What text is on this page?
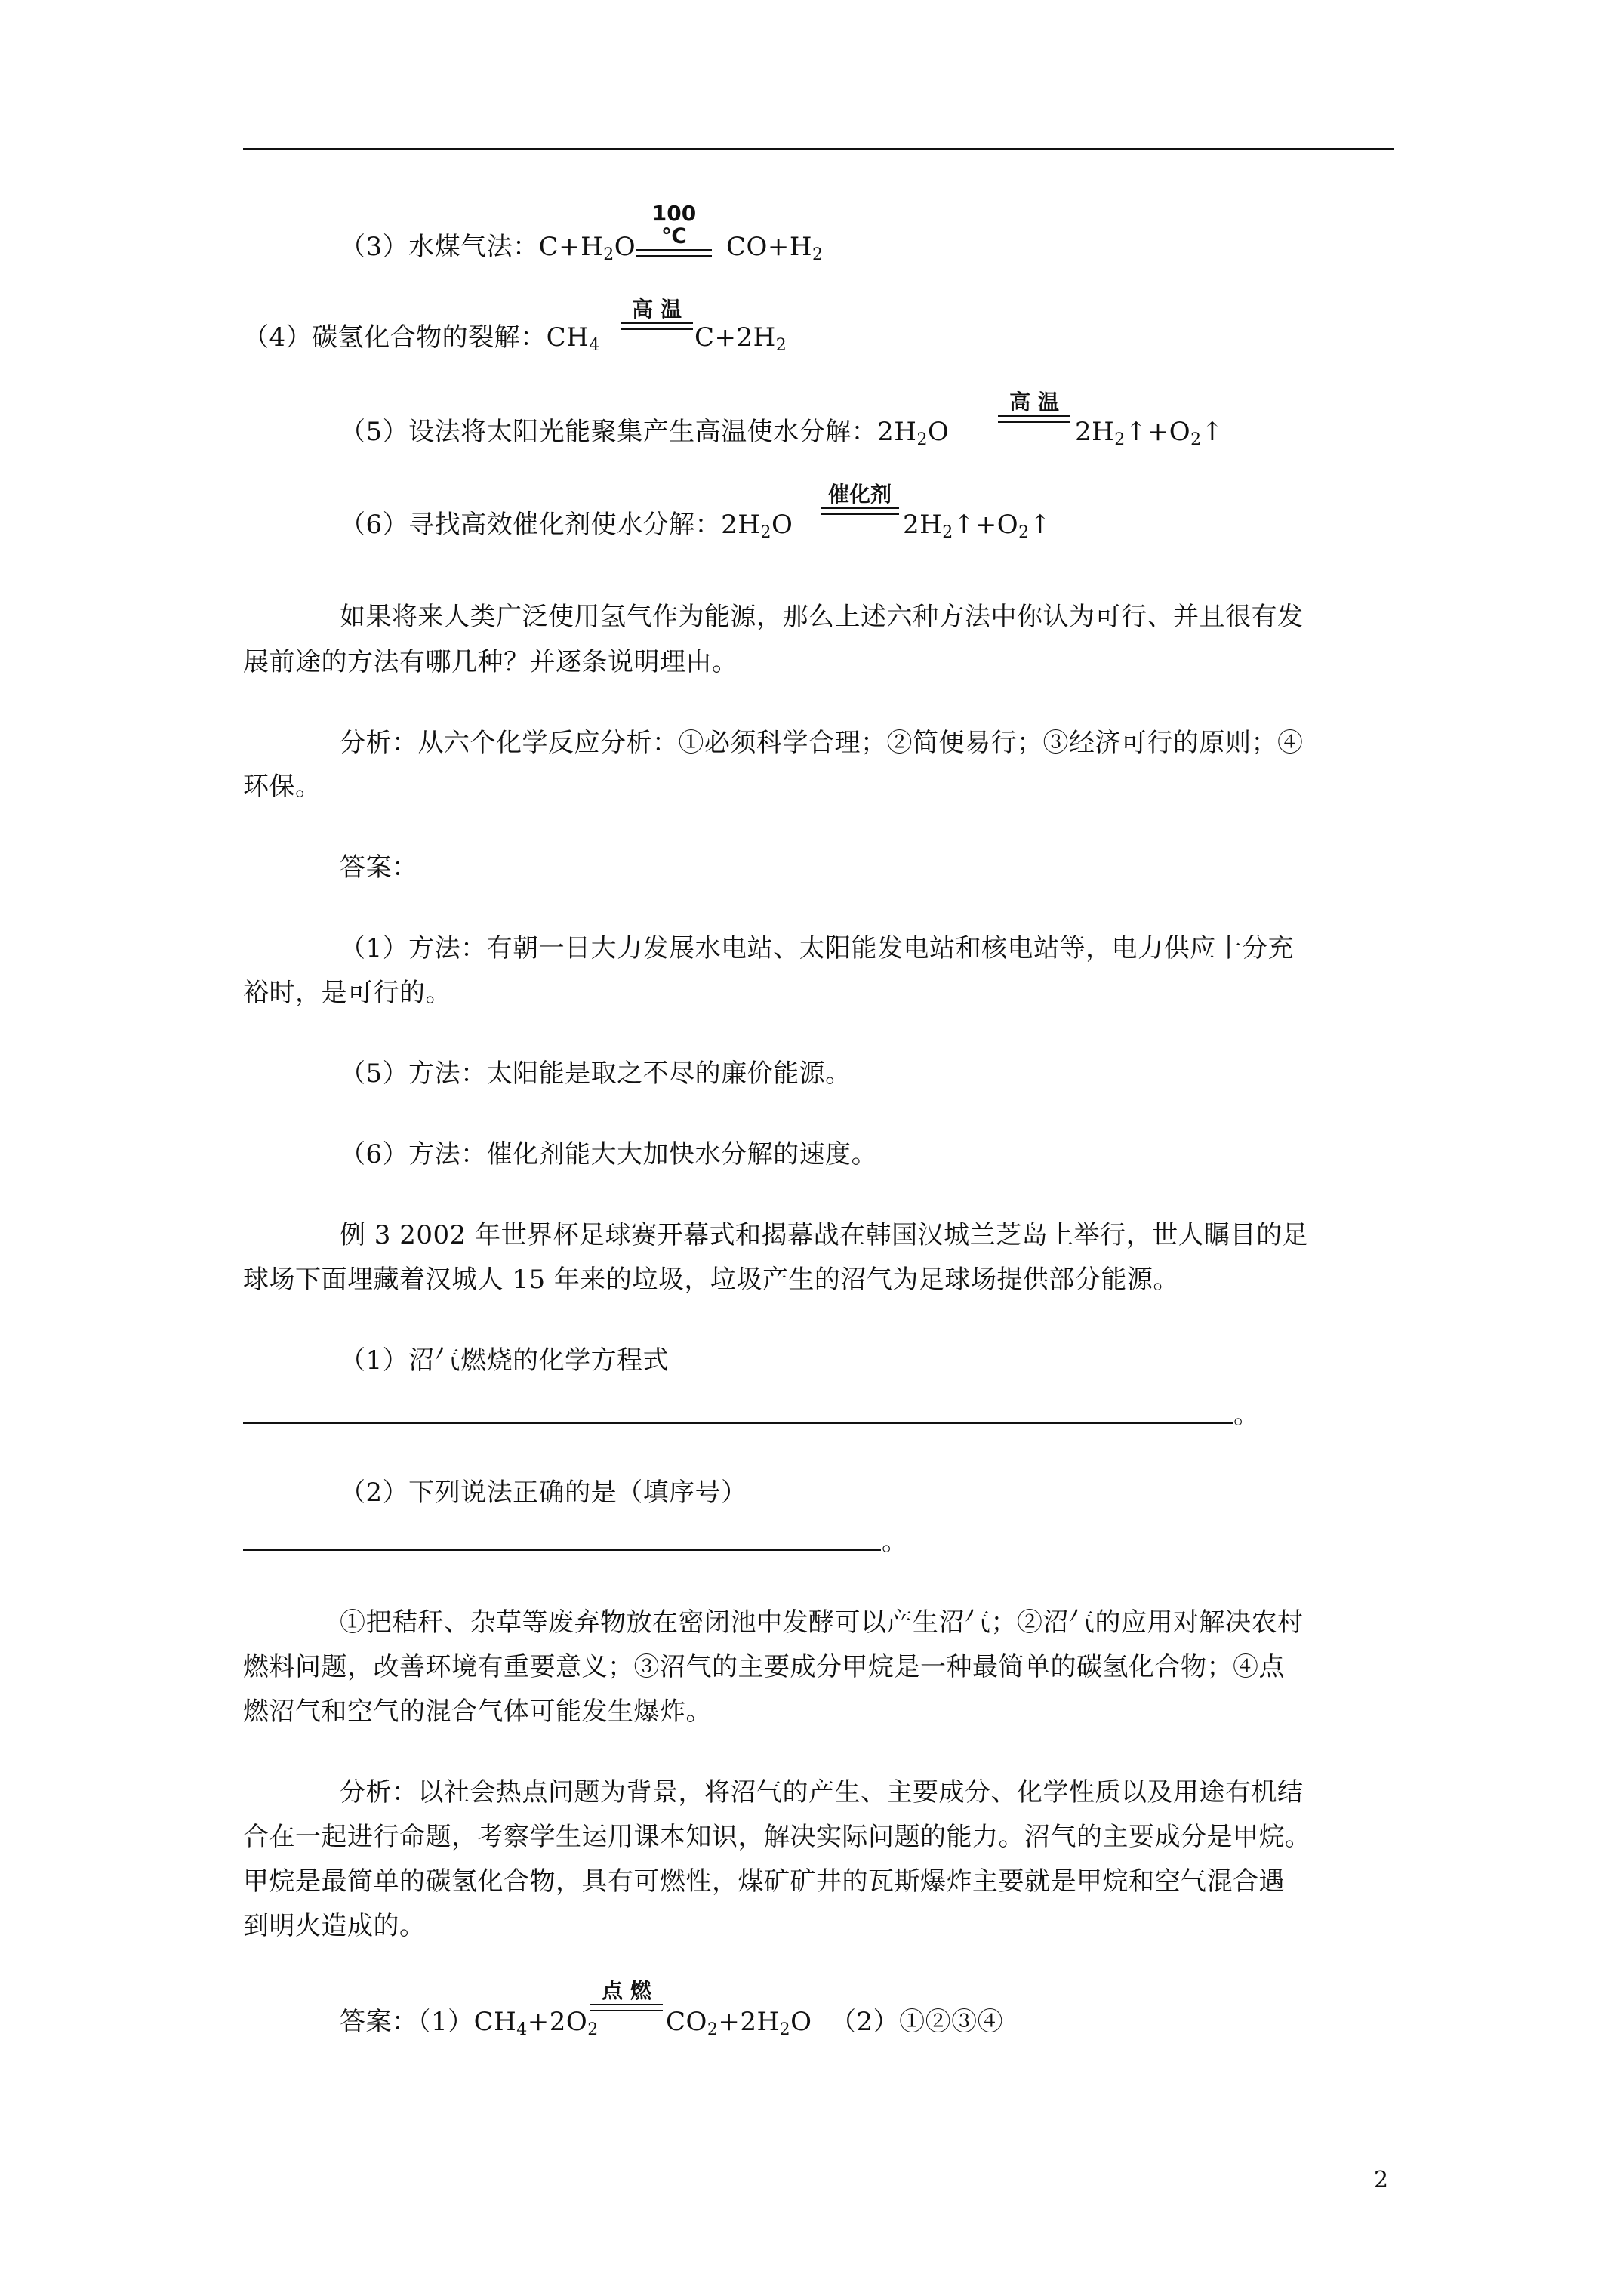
（3）水煤气法：$C+H_2O$
100 ℃	$CO+H_2$
（4）碳氢化合物的裂解：$CH_4$
高 温
$C+2H_2$
（5）设法将太阳光能聚集产生高温使水分解：$2H_2O$
高 温
$2H_2↑+O_2↑$
（6）寻找高效催化剂使水分解：$2H_2O$
催化剂
$2H_2↑+O_2↑$
如果将来人类广泛使用氢气作为能源，那么上述六种方法中你认为可行、并且很有发
展前途的方法有哪几种？并逐条说明理由。
分析：从六个化学反应分析：①必须科学合理；②简便易行；③经济可行的原则；④
环保。
答案：
（1）方法：有朝一日大力发展水电站、太阳能发电站和核电站等，电力供应十分充
裕时，是可行的。
（5）方法：太阳能是取之不尽的廉价能源。
（6）方法：催化剂能大大加快水分解的速度。
例 3 2002 年世界杯足球赛开幕式和揭幕战在韩国汉城兰芝岛上举行，世人瞩目的足
球场下面埋藏着汉城人 15 年来的垃圾，垃圾产生的沼气为足球场提供部分能源。
（1）沼气燃烧的化学方程式
。
（2）下列说法正确的是（填序号）
。
①把秸秆、杂草等废弃物放在密闭池中发酵可以产生沼气；②沼气的应用对解决农村
燃料问题，改善环境有重要意义；③沼气的主要成分甲烷是一种最简单的碳氢化合物；④点
燃沼气和空气的混合气体可能发生爆炸。
分析：以社会热点问题为背景，将沼气的产生、主要成分、化学性质以及用途有机结
合在一起进行命题，考察学生运用课本知识，解决实际问题的能力。沼气的主要成分是甲烷。
甲烷是最简单的碳氢化合物，具有可燃性，煤矿矿井的瓦斯爆炸主要就是甲烷和空气混合遇
到明火造成的。
答案：$(1)CH_4+2O_2$
点 燃
$CO_2+2H_2O$ （2）①②③④
2
